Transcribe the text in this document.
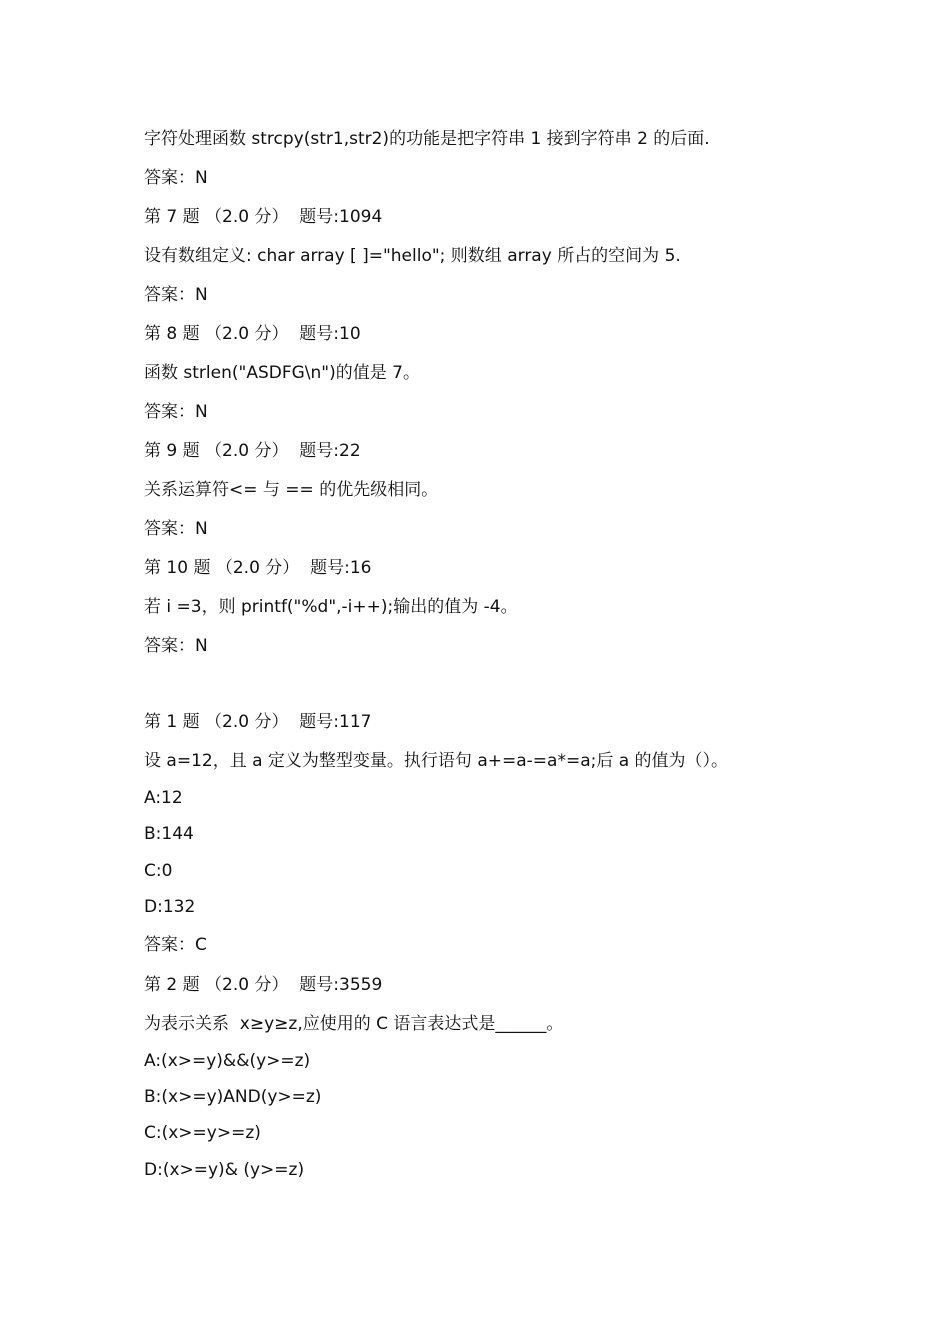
字符处理函数 strcpy(str1,str2)的功能是把字符串 1 接到字符串 2 的后面.
答案：N
第 7 题 （2.0 分）  题号:1094
设有数组定义: char array [ ]="hello"; 则数组 array 所占的空间为 5.
答案：N
第 8 题 （2.0 分）  题号:10
函数 strlen("ASDFG\n")的值是 7。
答案：N
第 9 题 （2.0 分）  题号:22
关系运算符<= 与 == 的优先级相同。
答案：N
第 10 题 （2.0 分）  题号:16
若 i =3，则 printf("%d",-i++);输出的值为 -4。
答案：N
第 1 题 （2.0 分）  题号:117
设 a=12，且 a 定义为整型变量。执行语句 a+=a-=a*=a;后 a 的值为（）。
A:12
B:144
C:0
D:132
答案：C
第 2 题 （2.0 分）  题号:3559
为表示关系  x≥y≥z,应使用的 C 语言表达式是______。
A:(x>=y)&&(y>=z)
B:(x>=y)AND(y>=z)
C:(x>=y>=z)
D:(x>=y)& (y>=z)
